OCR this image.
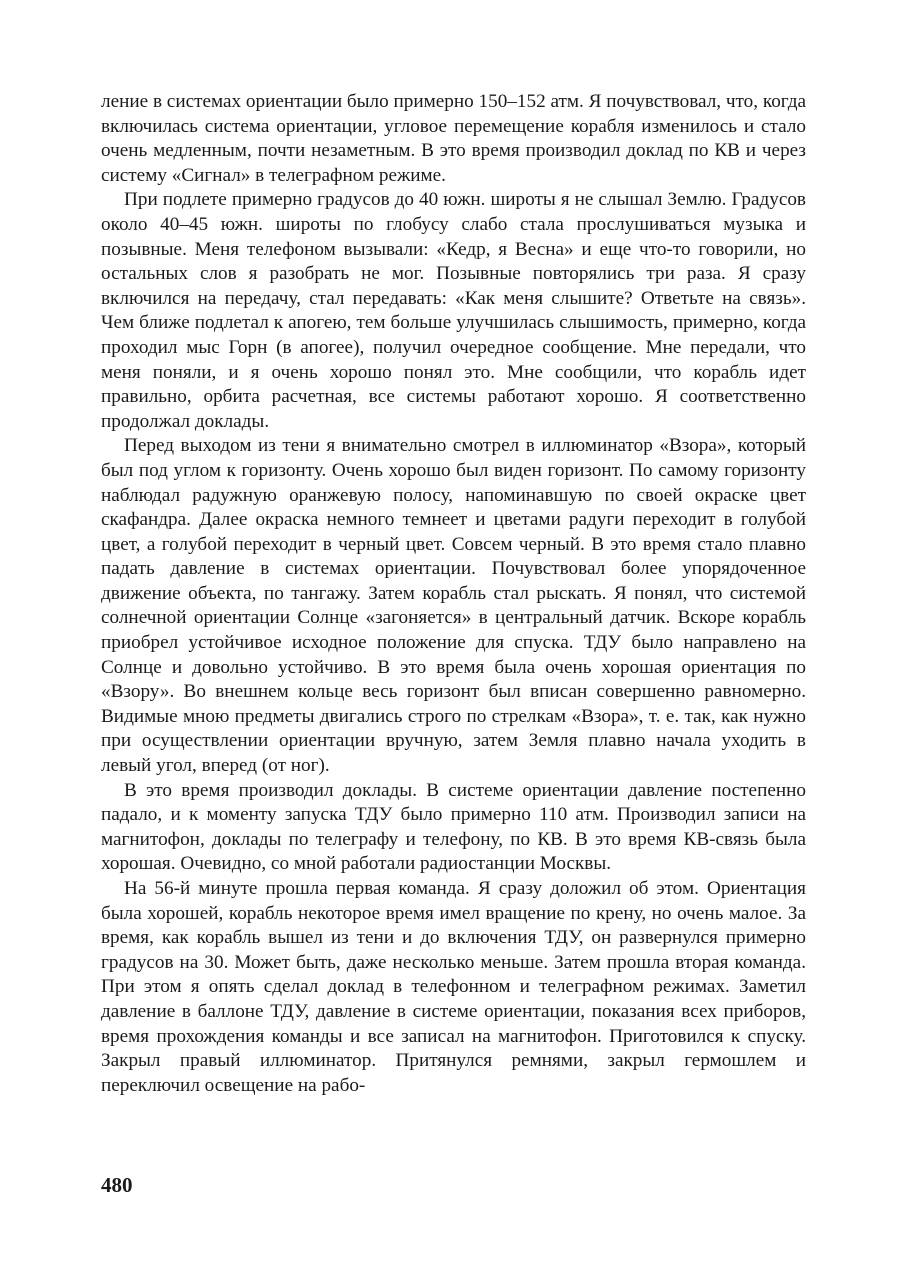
ление в системах ориентации было примерно 150–152 атм. Я почувствовал, что, когда включилась система ориентации, угловое перемещение корабля изменилось и стало очень медленным, почти незаметным. В это время производил доклад по КВ и через систему «Сигнал» в телеграфном режиме.

При подлете примерно градусов до 40 южн. широты я не слышал Землю. Градусов около 40–45 южн. широты по глобусу слабо стала прослушиваться музыка и позывные. Меня телефоном вызывали: «Кедр, я Весна» и еще что-то говорили, но остальных слов я разобрать не мог. Позывные повторялись три раза. Я сразу включился на передачу, стал передавать: «Как меня слышите? Ответьте на связь». Чем ближе подлетал к апогею, тем больше улучшилась слышимость, примерно, когда проходил мыс Горн (в апогее), получил очередное сообщение. Мне передали, что меня поняли, и я очень хорошо понял это. Мне сообщили, что корабль идет правильно, орбита расчетная, все системы работают хорошо. Я соответственно продолжал доклады.

Перед выходом из тени я внимательно смотрел в иллюминатор «Взора», который был под углом к горизонту. Очень хорошо был виден горизонт. По самому горизонту наблюдал радужную оранжевую полосу, напоминавшую по своей окраске цвет скафандра. Далее окраска немного темнеет и цветами радуги переходит в голубой цвет, а голубой переходит в черный цвет. Совсем черный. В это время стало плавно падать давление в системах ориентации. Почувствовал более упорядоченное движение объекта, по тангажу. Затем корабль стал рыскать. Я понял, что системой солнечной ориентации Солнце «загоняется» в центральный датчик. Вскоре корабль приобрел устойчивое исходное положение для спуска. ТДУ было направлено на Солнце и довольно устойчиво. В это время была очень хорошая ориентация по «Взору». Во внешнем кольце весь горизонт был вписан совершенно равномерно. Видимые мною предметы двигались строго по стрелкам «Взора», т. е. так, как нужно при осуществлении ориентации вручную, затем Земля плавно начала уходить в левый угол, вперед (от ног).

В это время производил доклады. В системе ориентации давление постепенно падало, и к моменту запуска ТДУ было примерно 110 атм. Производил записи на магнитофон, доклады по телеграфу и телефону, по КВ. В это время КВ-связь была хорошая. Очевидно, со мной работали радиостанции Москвы.

На 56-й минуте прошла первая команда. Я сразу доложил об этом. Ориентация была хорошей, корабль некоторое время имел вращение по крену, но очень малое. За время, как корабль вышел из тени и до включения ТДУ, он развернулся примерно градусов на 30. Может быть, даже несколько меньше. Затем прошла вторая команда. При этом я опять сделал доклад в телефонном и телеграфном режимах. Заметил давление в баллоне ТДУ, давление в системе ориентации, показания всех приборов, время прохождения команды и все записал на магнитофон. Приготовился к спуску. Закрыл правый иллюминатор. Притянулся ремнями, закрыл гермошлем и переключил освещение на рабо-

480
